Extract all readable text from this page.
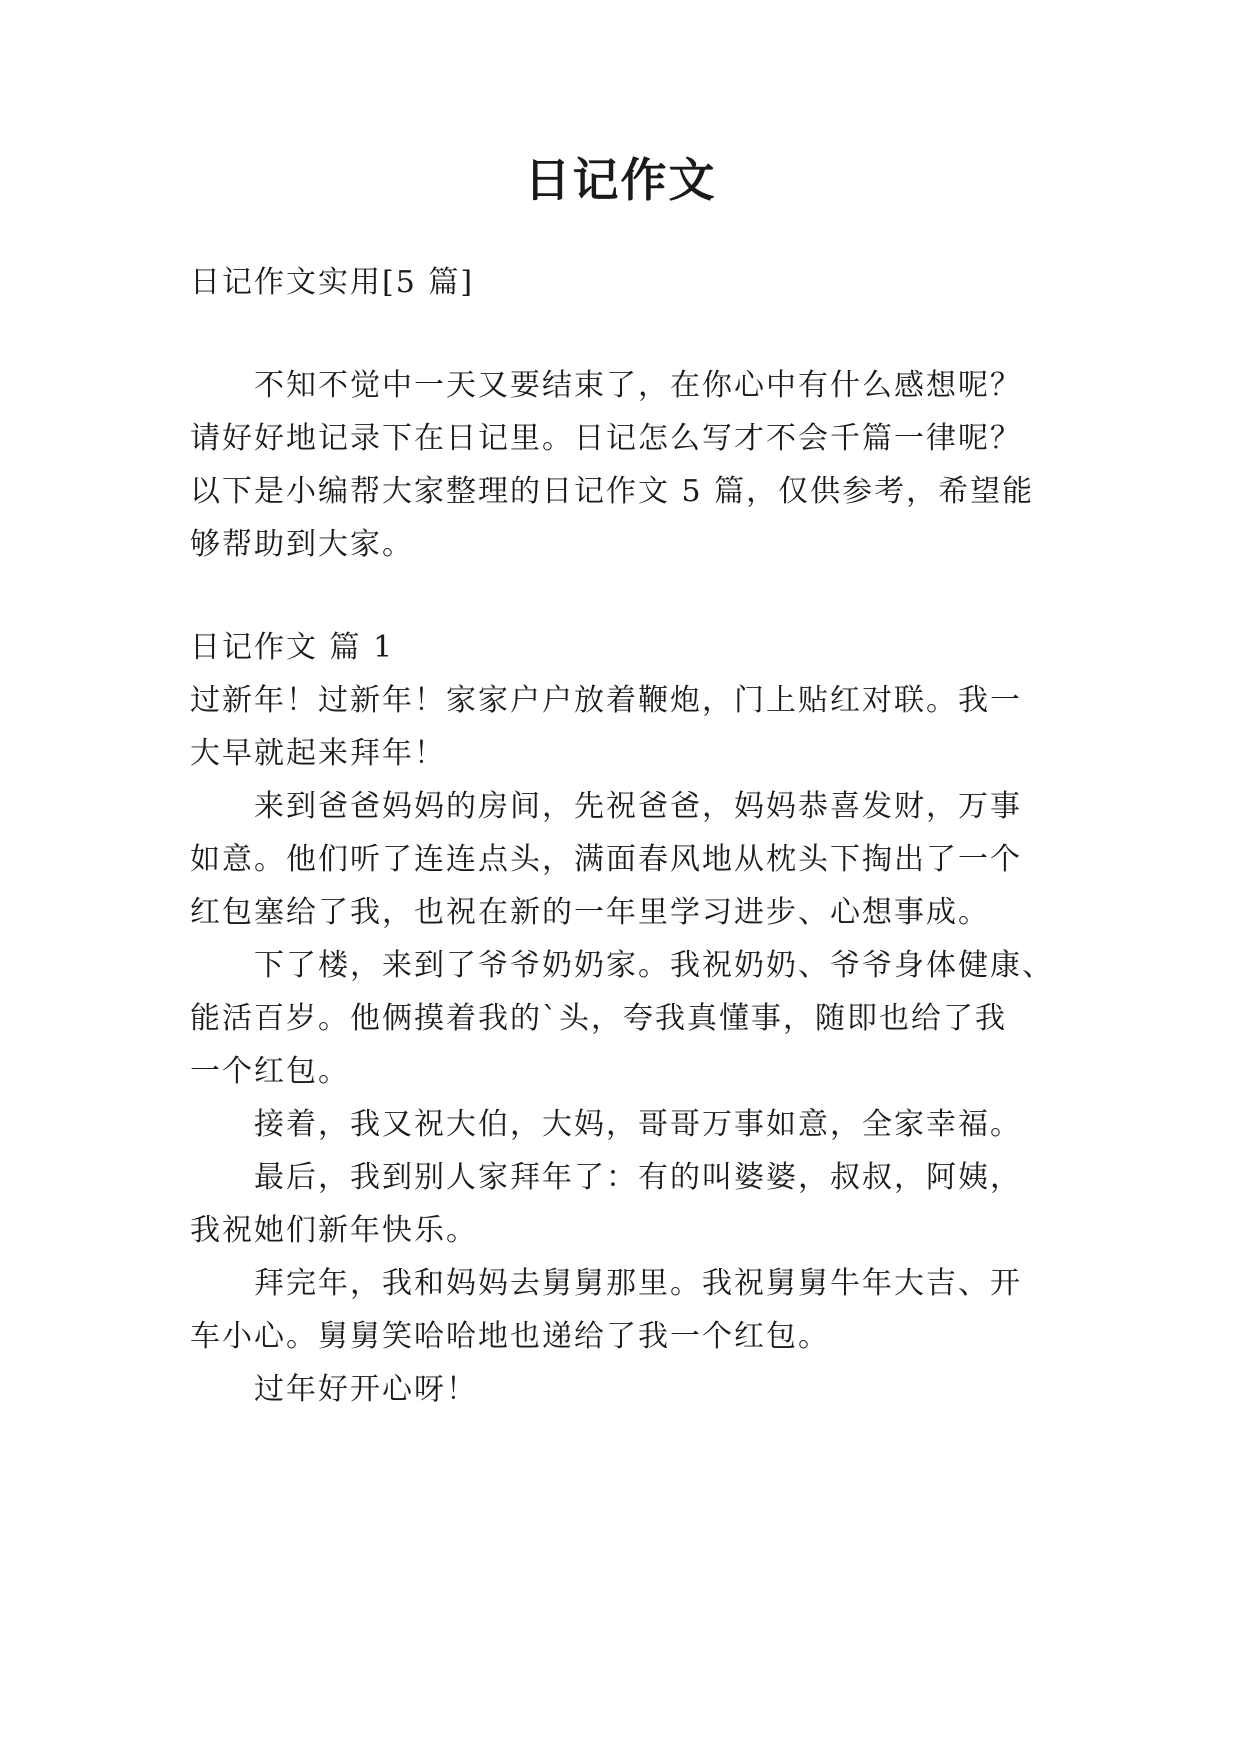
日记作文

日记作文实用[5 篇]

不知不觉中一天又要结束了，在你心中有什么感想呢？

请好好地记录下在日记里。日记怎么写才不会千篇一律呢？

以下是小编帮大家整理的日记作文 5 篇，仅供参考，希望能

够帮助到大家。

日记作文 篇 1

过新年！过新年！家家户户放着鞭炮，门上贴红对联。我一

大早就起来拜年！

来到爸爸妈妈的房间，先祝爸爸，妈妈恭喜发财，万事

如意。他们听了连连点头，满面春风地从枕头下掏出了一个

红包塞给了我，也祝在新的一年里学习进步、心想事成。

下了楼，来到了爷爷奶奶家。我祝奶奶、爷爷身体健康、

能活百岁。他俩摸着我的`头，夸我真懂事，随即也给了我

一个红包。

接着，我又祝大伯，大妈，哥哥万事如意，全家幸福。

最后，我到别人家拜年了：有的叫婆婆，叔叔，阿姨，

我祝她们新年快乐。

拜完年，我和妈妈去舅舅那里。我祝舅舅牛年大吉、开

车小心。舅舅笑哈哈地也递给了我一个红包。

过年好开心呀！
